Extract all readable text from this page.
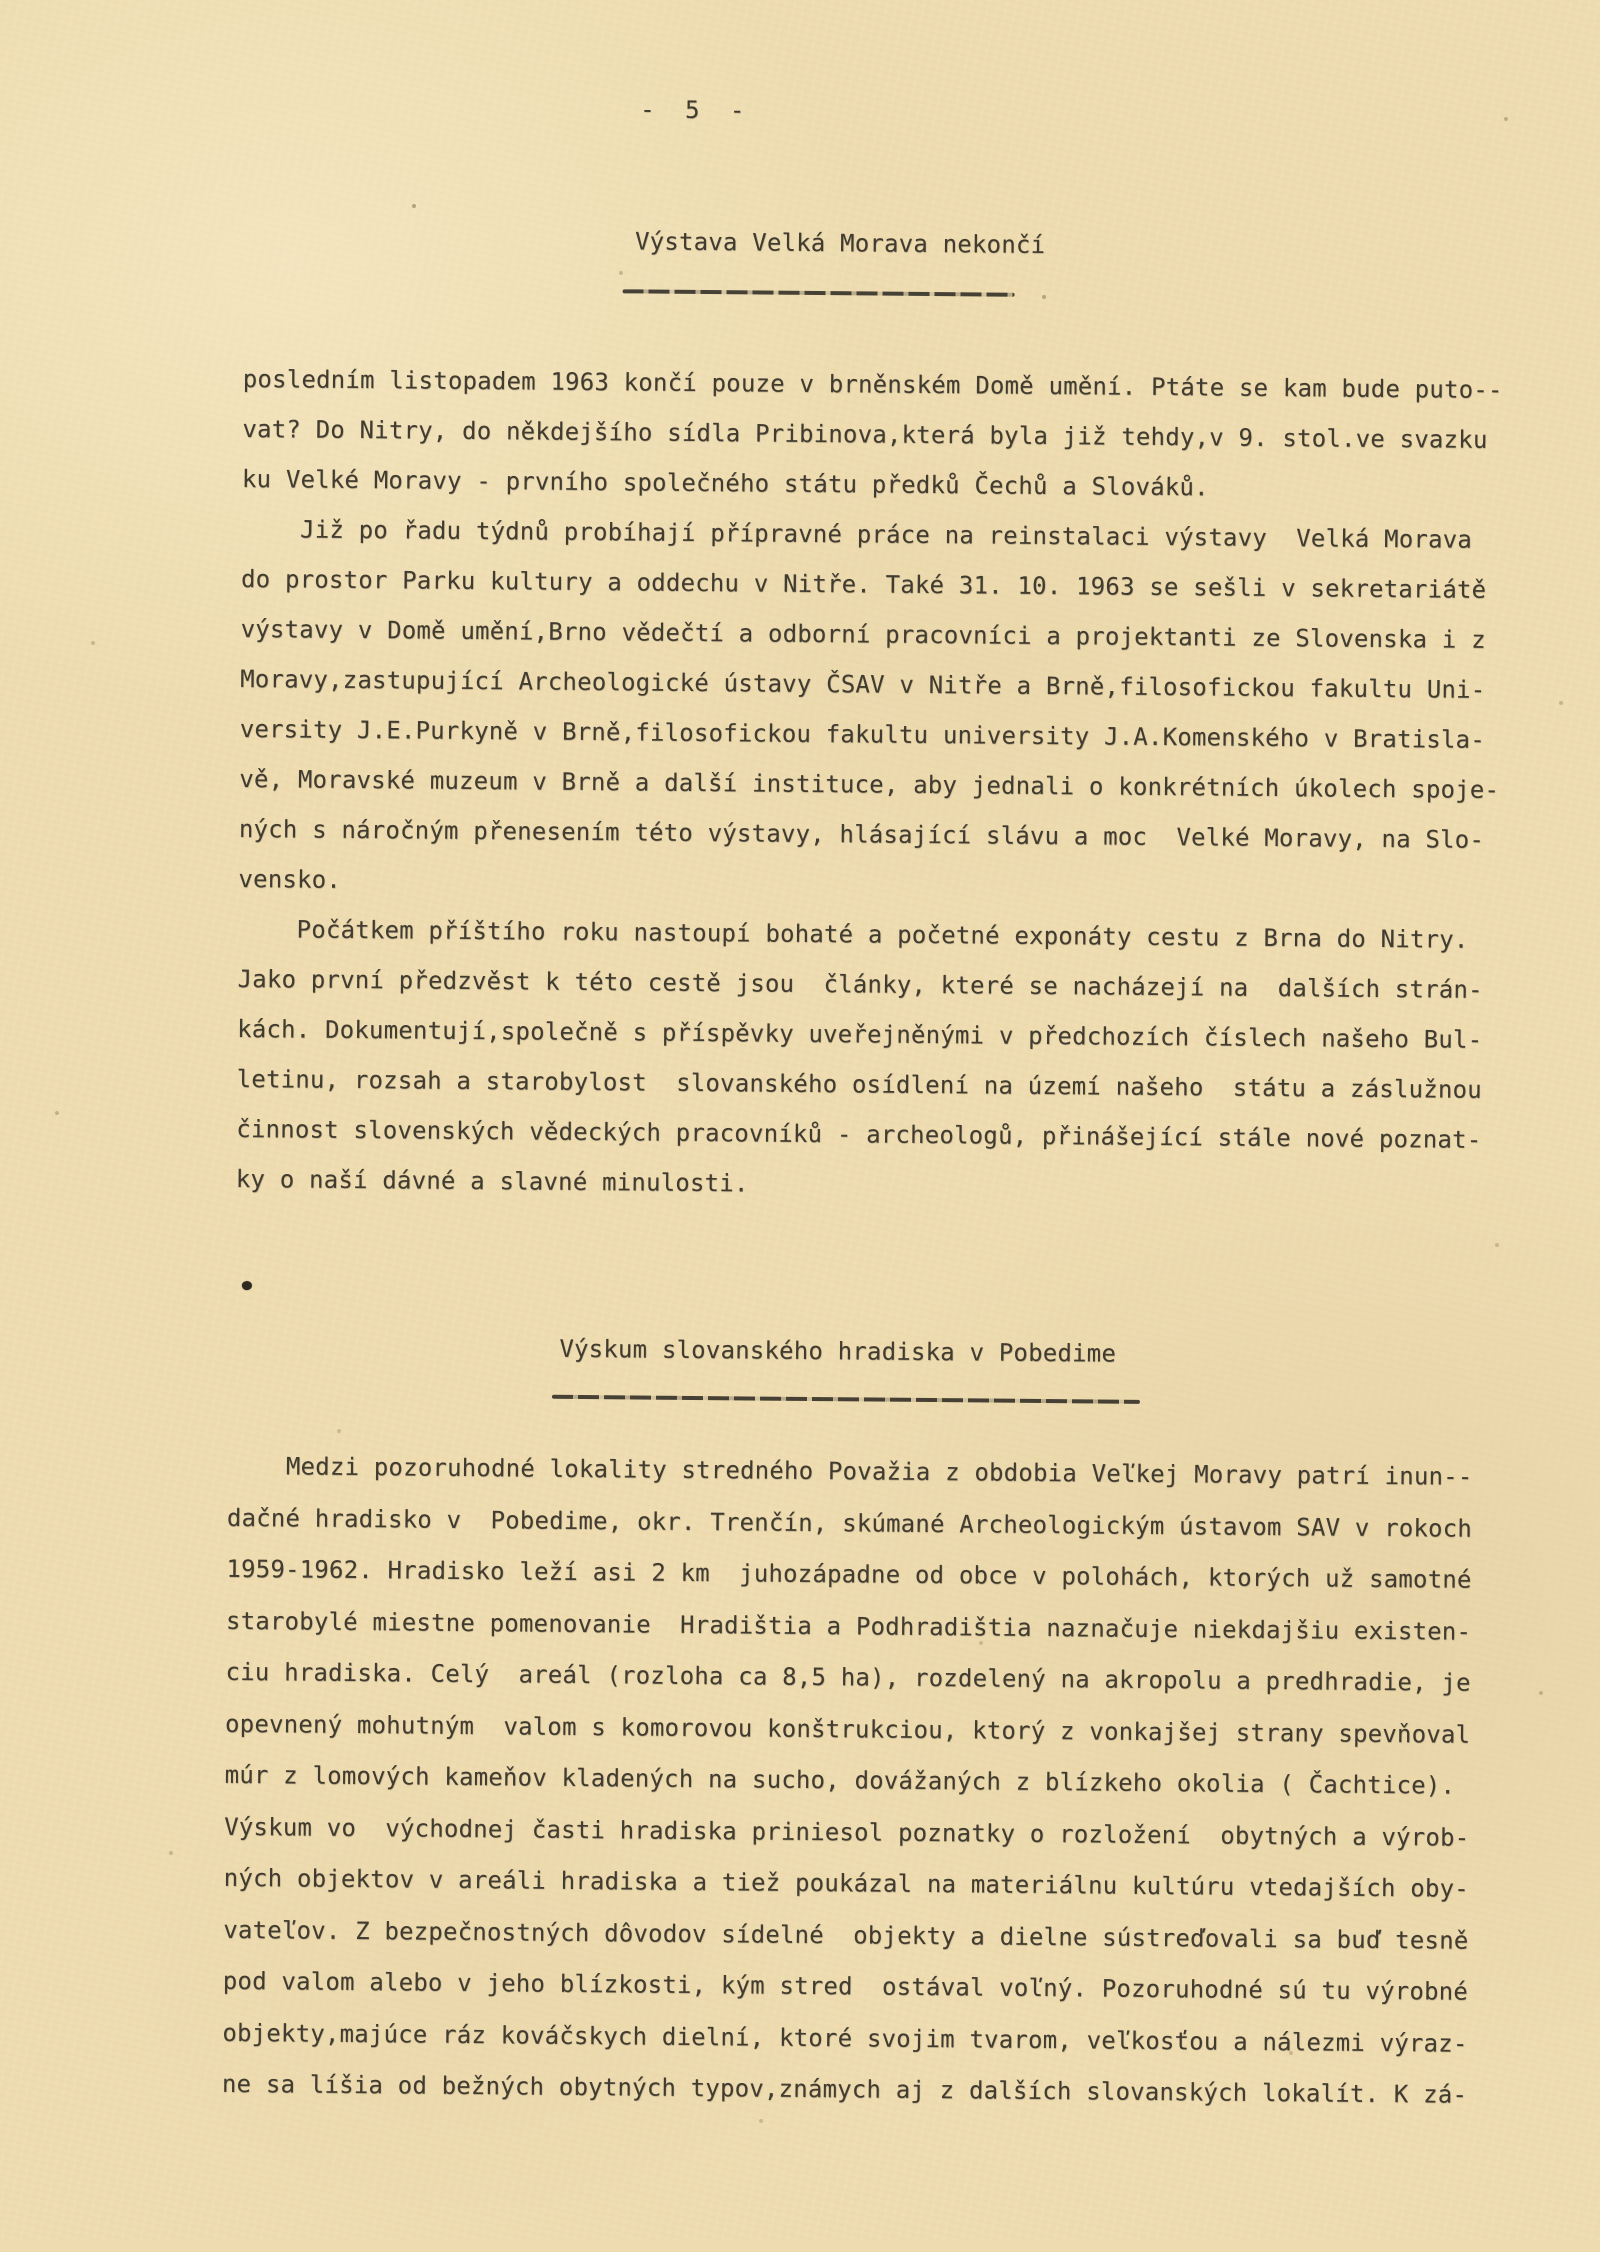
- 5 -
Výstava Velká Morava nekončí
posledním listopadem 1963 končí pouze v brněnském Domě umění. Ptáte se kam bude puto--
vat? Do Nitry, do někdejšího sídla Pribinova,která byla již tehdy,v 9. stol.ve svazku
ku Velké Moravy - prvního společného státu předků Čechů a Slováků.
Již po řadu týdnů probíhají přípravné práce na reinstalaci výstavy  Velká Morava
do prostor Parku kultury a oddechu v Nitře. Také 31. 10. 1963 se sešli v sekretariátě
výstavy v Domě umění,Brno vědečtí a odborní pracovníci a projektanti ze Slovenska i z
Moravy,zastupující Archeologické ústavy ČSAV v Nitře a Brně,filosofickou fakultu Uni-
versity J.E.Purkyně v Brně,filosofickou fakultu university J.A.Komenského v Bratisla-
vě, Moravské muzeum v Brně a další instituce, aby jednali o konkrétních úkolech spoje-
ných s náročným přenesením této výstavy, hlásající slávu a moc  Velké Moravy, na Slo-
vensko.
Počátkem příštího roku nastoupí bohaté a početné exponáty cestu z Brna do Nitry.
Jako první předzvěst k této cestě jsou  články, které se nacházejí na  dalších strán-
kách. Dokumentují,společně s příspěvky uveřejněnými v předchozích číslech našeho Bul-
letinu, rozsah a starobylost  slovanského osídlení na území našeho  státu a záslužnou
činnost slovenských vědeckých pracovníků - archeologů, přinášející stále nové poznat-
ky o naší dávné a slavné minulosti.
Výskum slovanského hradiska v Pobedime
Medzi pozoruhodné lokality stredného Považia z obdobia Veľkej Moravy patrí inun--
dačné hradisko v  Pobedime, okr. Trenčín, skúmané Archeologickým ústavom SAV v rokoch
1959-1962. Hradisko leží asi 2 km  juhozápadne od obce v polohách, ktorých už samotné
starobylé miestne pomenovanie  Hradištia a Podhradištia naznačuje niekdajšiu existen-
ciu hradiska. Celý  areál (rozloha ca 8,5 ha), rozdelený na akropolu a predhradie, je
opevnený mohutným  valom s komorovou konštrukciou, ktorý z vonkajšej strany spevňoval
múr z lomových kameňov kladených na sucho, dovážaných z blízkeho okolia ( Čachtice).
Výskum vo  východnej časti hradiska priniesol poznatky o rozložení  obytných a výrob-
ných objektov v areáli hradiska a tiež poukázal na materiálnu kultúru vtedajších oby-
vateľov. Z bezpečnostných dôvodov sídelné  objekty a dielne sústreďovali sa buď tesně
pod valom alebo v jeho blízkosti, kým stred  ostával voľný. Pozoruhodné sú tu výrobné
objekty,majúce ráz kováčskych dielní, ktoré svojim tvarom, veľkosťou a nálezmi výraz-
ne sa líšia od bežných obytných typov,známych aj z dalších slovanských lokalít. K zá-
